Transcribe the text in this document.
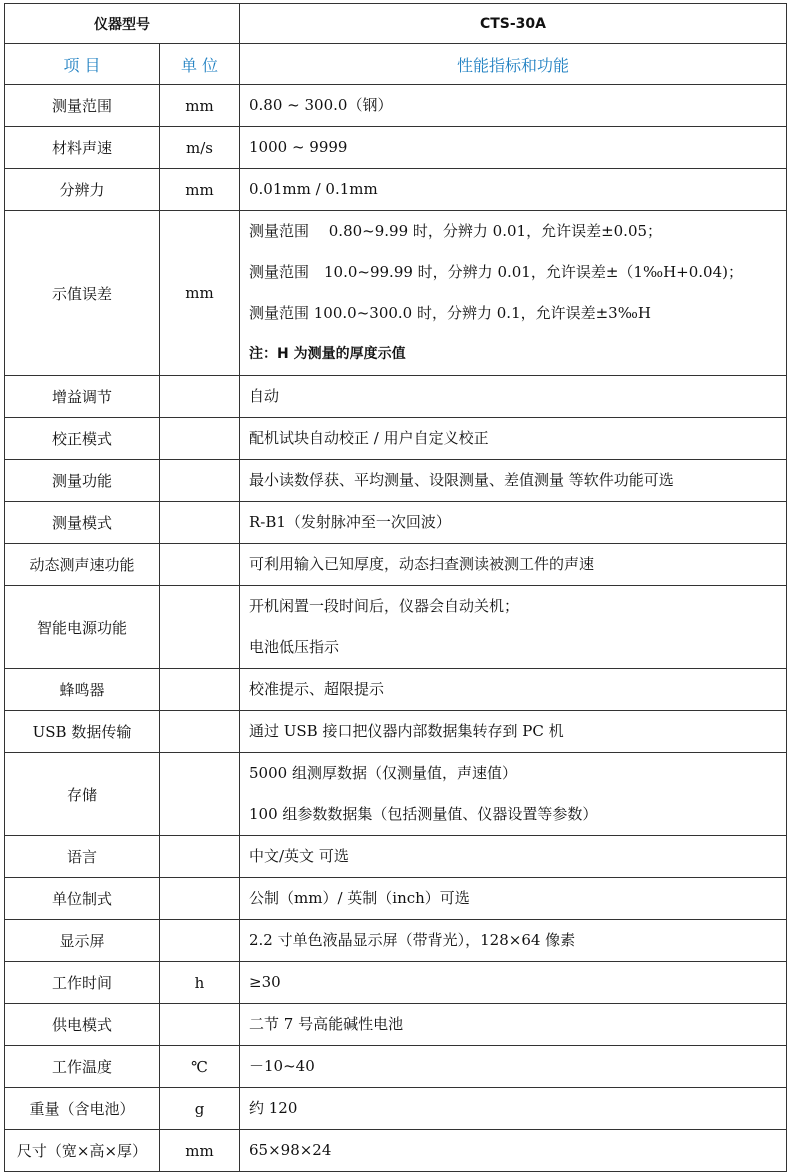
仪器型号		CTS-30A
项 目	单 位	性能指标和功能
测量范围	mm	0.80 ~ 300.0（钢）

材料声速	m/s	1000 ~ 9999

分辨力	mm	0.01mm / 0.1mm

示值误差	mm	测量范围 　0.80~9.99 时，分辨力 0.01，允许误差±0.05；
测量范围　10.0~99.99 时，分辨力 0.01，允许误差±（1‰H+0.04)；
测量范围 100.0~300.0 时，分辨力 0.1，允许误差±3‰H
注：H 为测量的厚度示值

增益调节		自动

校正模式		配机试块自动校正 / 用户自定义校正

测量功能		最小读数俘获、平均测量、设限测量、差值测量 等软件功能可选

测量模式		R-B1（发射脉冲至一次回波）

动态测声速功能		可利用输入已知厚度，动态扫查测读被测工件的声速

智能电源功能		开机闲置一段时间后，仪器会自动关机；
电池低压指示

蜂鸣器		校准提示、超限提示

USB 数据传输		通过 USB 接口把仪器内部数据集转存到 PC 机

存储		5000 组测厚数据（仅测量值，声速值）
100 组参数数据集（包括测量值、仪器设置等参数）

语言		中文/英文 可选

单位制式		公制（mm）/ 英制（inch）可选

显示屏		2.2 寸单色液晶显示屏（带背光），128×64 像素

工作时间	h	≥30

供电模式		二节 7 号高能碱性电池

工作温度	℃	－10~40

重量（含电池）	g	约 120

尺寸（宽×高×厚）	mm	65×98×24
